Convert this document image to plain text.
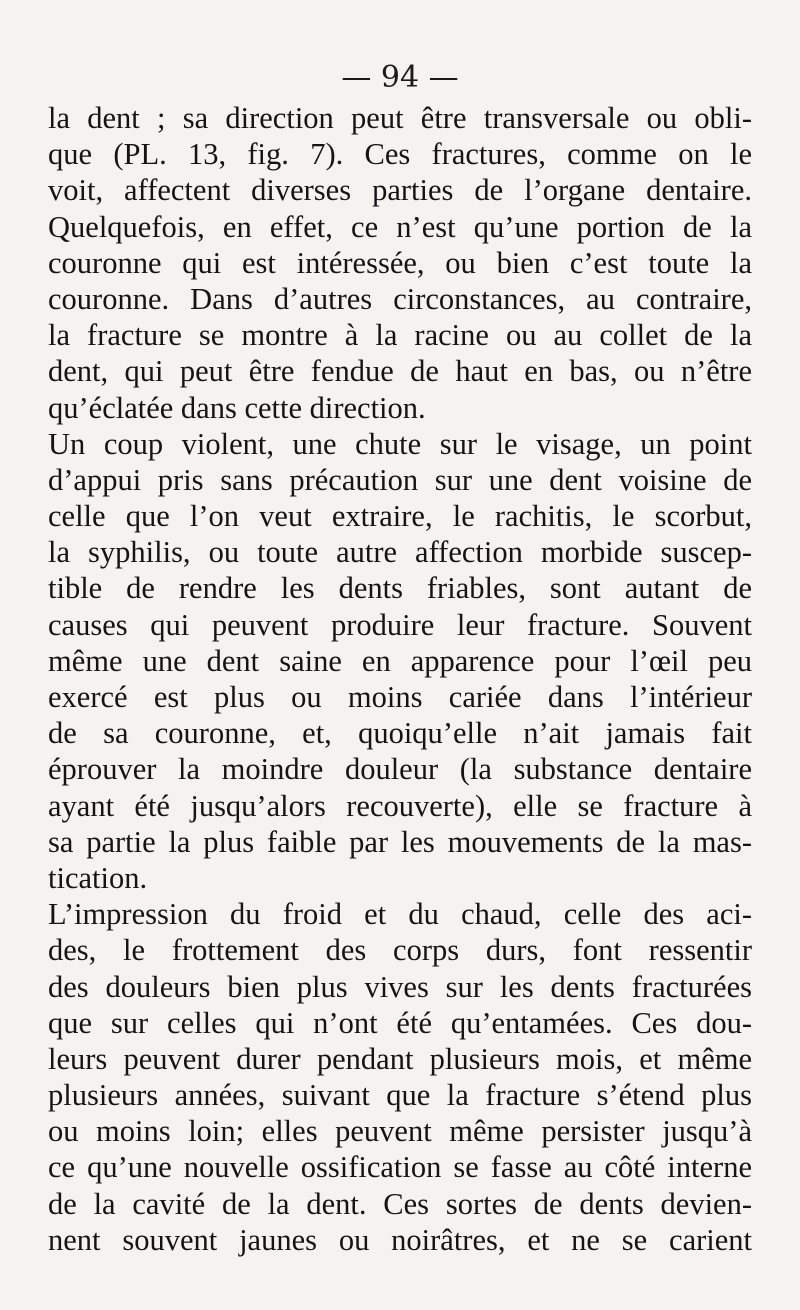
— 94 —
la dent ; sa direction peut être transversale ou obli-
que (PL. 13, fig. 7). Ces fractures, comme on le
voit, affectent diverses parties de l’organe dentaire.
Quelquefois, en effet, ce n’est qu’une portion de la
couronne qui est intéressée, ou bien c’est toute la
couronne. Dans d’autres circonstances, au contraire,
la fracture se montre à la racine ou au collet de la
dent, qui peut être fendue de haut en bas, ou n’être
qu’éclatée dans cette direction.
Un coup violent, une chute sur le visage, un point
d’appui pris sans précaution sur une dent voisine de
celle que l’on veut extraire, le rachitis, le scorbut,
la syphilis, ou toute autre affection morbide suscep-
tible de rendre les dents friables, sont autant de
causes qui peuvent produire leur fracture. Souvent
même une dent saine en apparence pour l’œil peu
exercé est plus ou moins cariée dans l’intérieur
de sa couronne, et, quoiqu’elle n’ait jamais fait
éprouver la moindre douleur (la substance dentaire
ayant été jusqu’alors recouverte), elle se fracture à
sa partie la plus faible par les mouvements de la mas-
tication.
L’impression du froid et du chaud, celle des aci-
des, le frottement des corps durs, font ressentir
des douleurs bien plus vives sur les dents fracturées
que sur celles qui n’ont été qu’entamées. Ces dou-
leurs peuvent durer pendant plusieurs mois, et même
plusieurs années, suivant que la fracture s’étend plus
ou moins loin; elles peuvent même persister jusqu’à
ce qu’une nouvelle ossification se fasse au côté interne
de la cavité de la dent. Ces sortes de dents devien-
nent souvent jaunes ou noirâtres, et ne se carient
